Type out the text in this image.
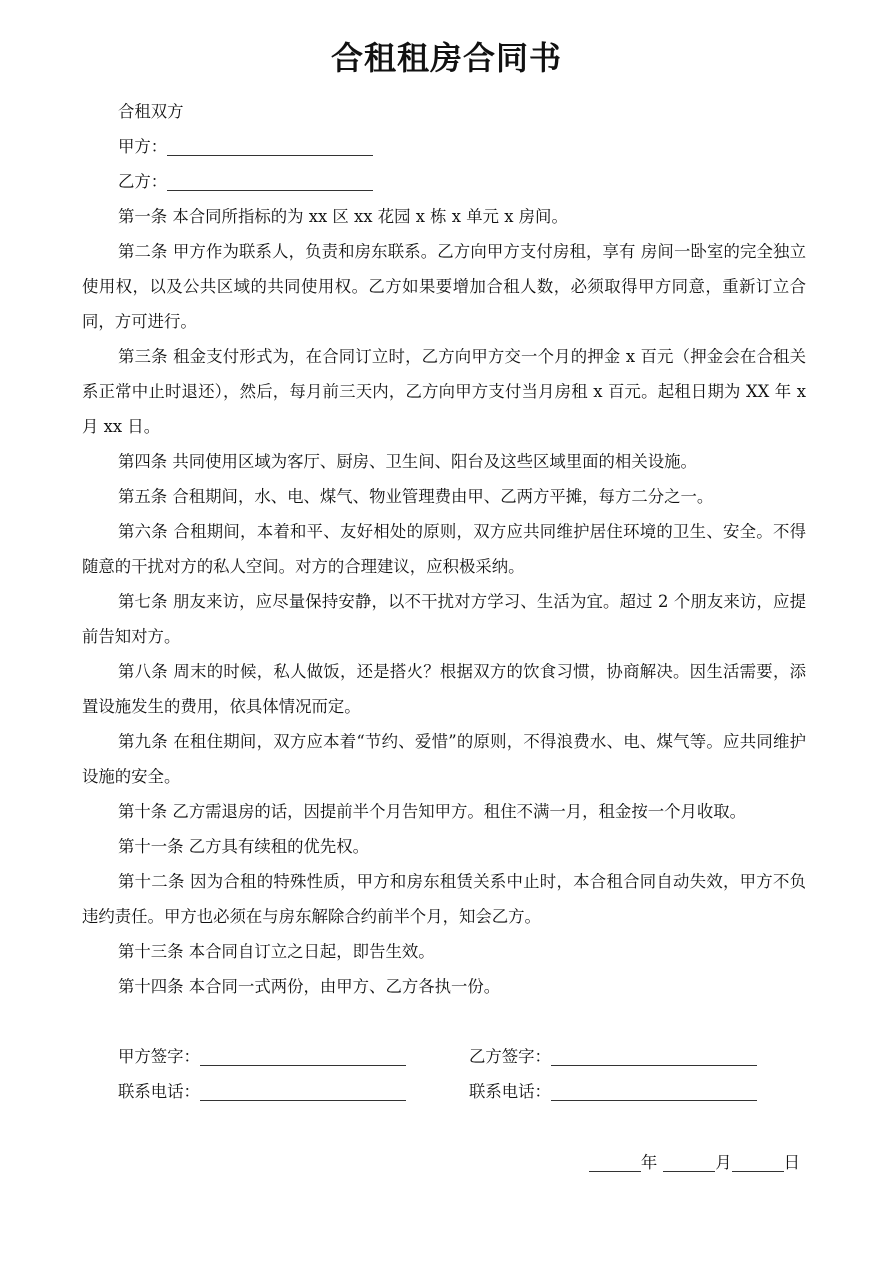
合租租房合同书
合租双方
甲方：
乙方：
第一条 本合同所指标的为 xx 区 xx 花园 x 栋 x 单元 x 房间。
第二条 甲方作为联系人，负责和房东联系。乙方向甲方支付房租，享有 房间一卧室的完全独立使用权，以及公共区域的共同使用权。乙方如果要增加合租人数，必须取得甲方同意，重新订立合同，方可进行。
第三条 租金支付形式为，在合同订立时，乙方向甲方交一个月的押金 x 百元（押金会在合租关系正常中止时退还），然后，每月前三天内，乙方向甲方支付当月房租 x 百元。起租日期为 XX 年 x 月 xx 日。
第四条 共同使用区域为客厅、厨房、卫生间、阳台及这些区域里面的相关设施。
第五条 合租期间，水、电、煤气、物业管理费由甲、乙两方平摊，每方二分之一。
第六条 合租期间，本着和平、友好相处的原则，双方应共同维护居住环境的卫生、安全。不得随意的干扰对方的私人空间。对方的合理建议，应积极采纳。
第七条 朋友来访，应尽量保持安静，以不干扰对方学习、生活为宜。超过 2 个朋友来访，应提前告知对方。
第八条 周末的时候，私人做饭，还是搭火？根据双方的饮食习惯，协商解决。因生活需要，添置设施发生的费用，依具体情况而定。
第九条 在租住期间，双方应本着“节约、爱惜”的原则，不得浪费水、电、煤气等。应共同维护设施的安全。
第十条 乙方需退房的话，因提前半个月告知甲方。租住不满一月，租金按一个月收取。
第十一条 乙方具有续租的优先权。
第十二条 因为合租的特殊性质，甲方和房东租赁关系中止时，本合租合同自动失效，甲方不负违约责任。甲方也必须在与房东解除合约前半个月，知会乙方。
第十三条 本合同自订立之日起，即告生效。
第十四条 本合同一式两份，由甲方、乙方各执一份。
甲方签字：	乙方签字：
联系电话：	联系电话：
年	月	日
